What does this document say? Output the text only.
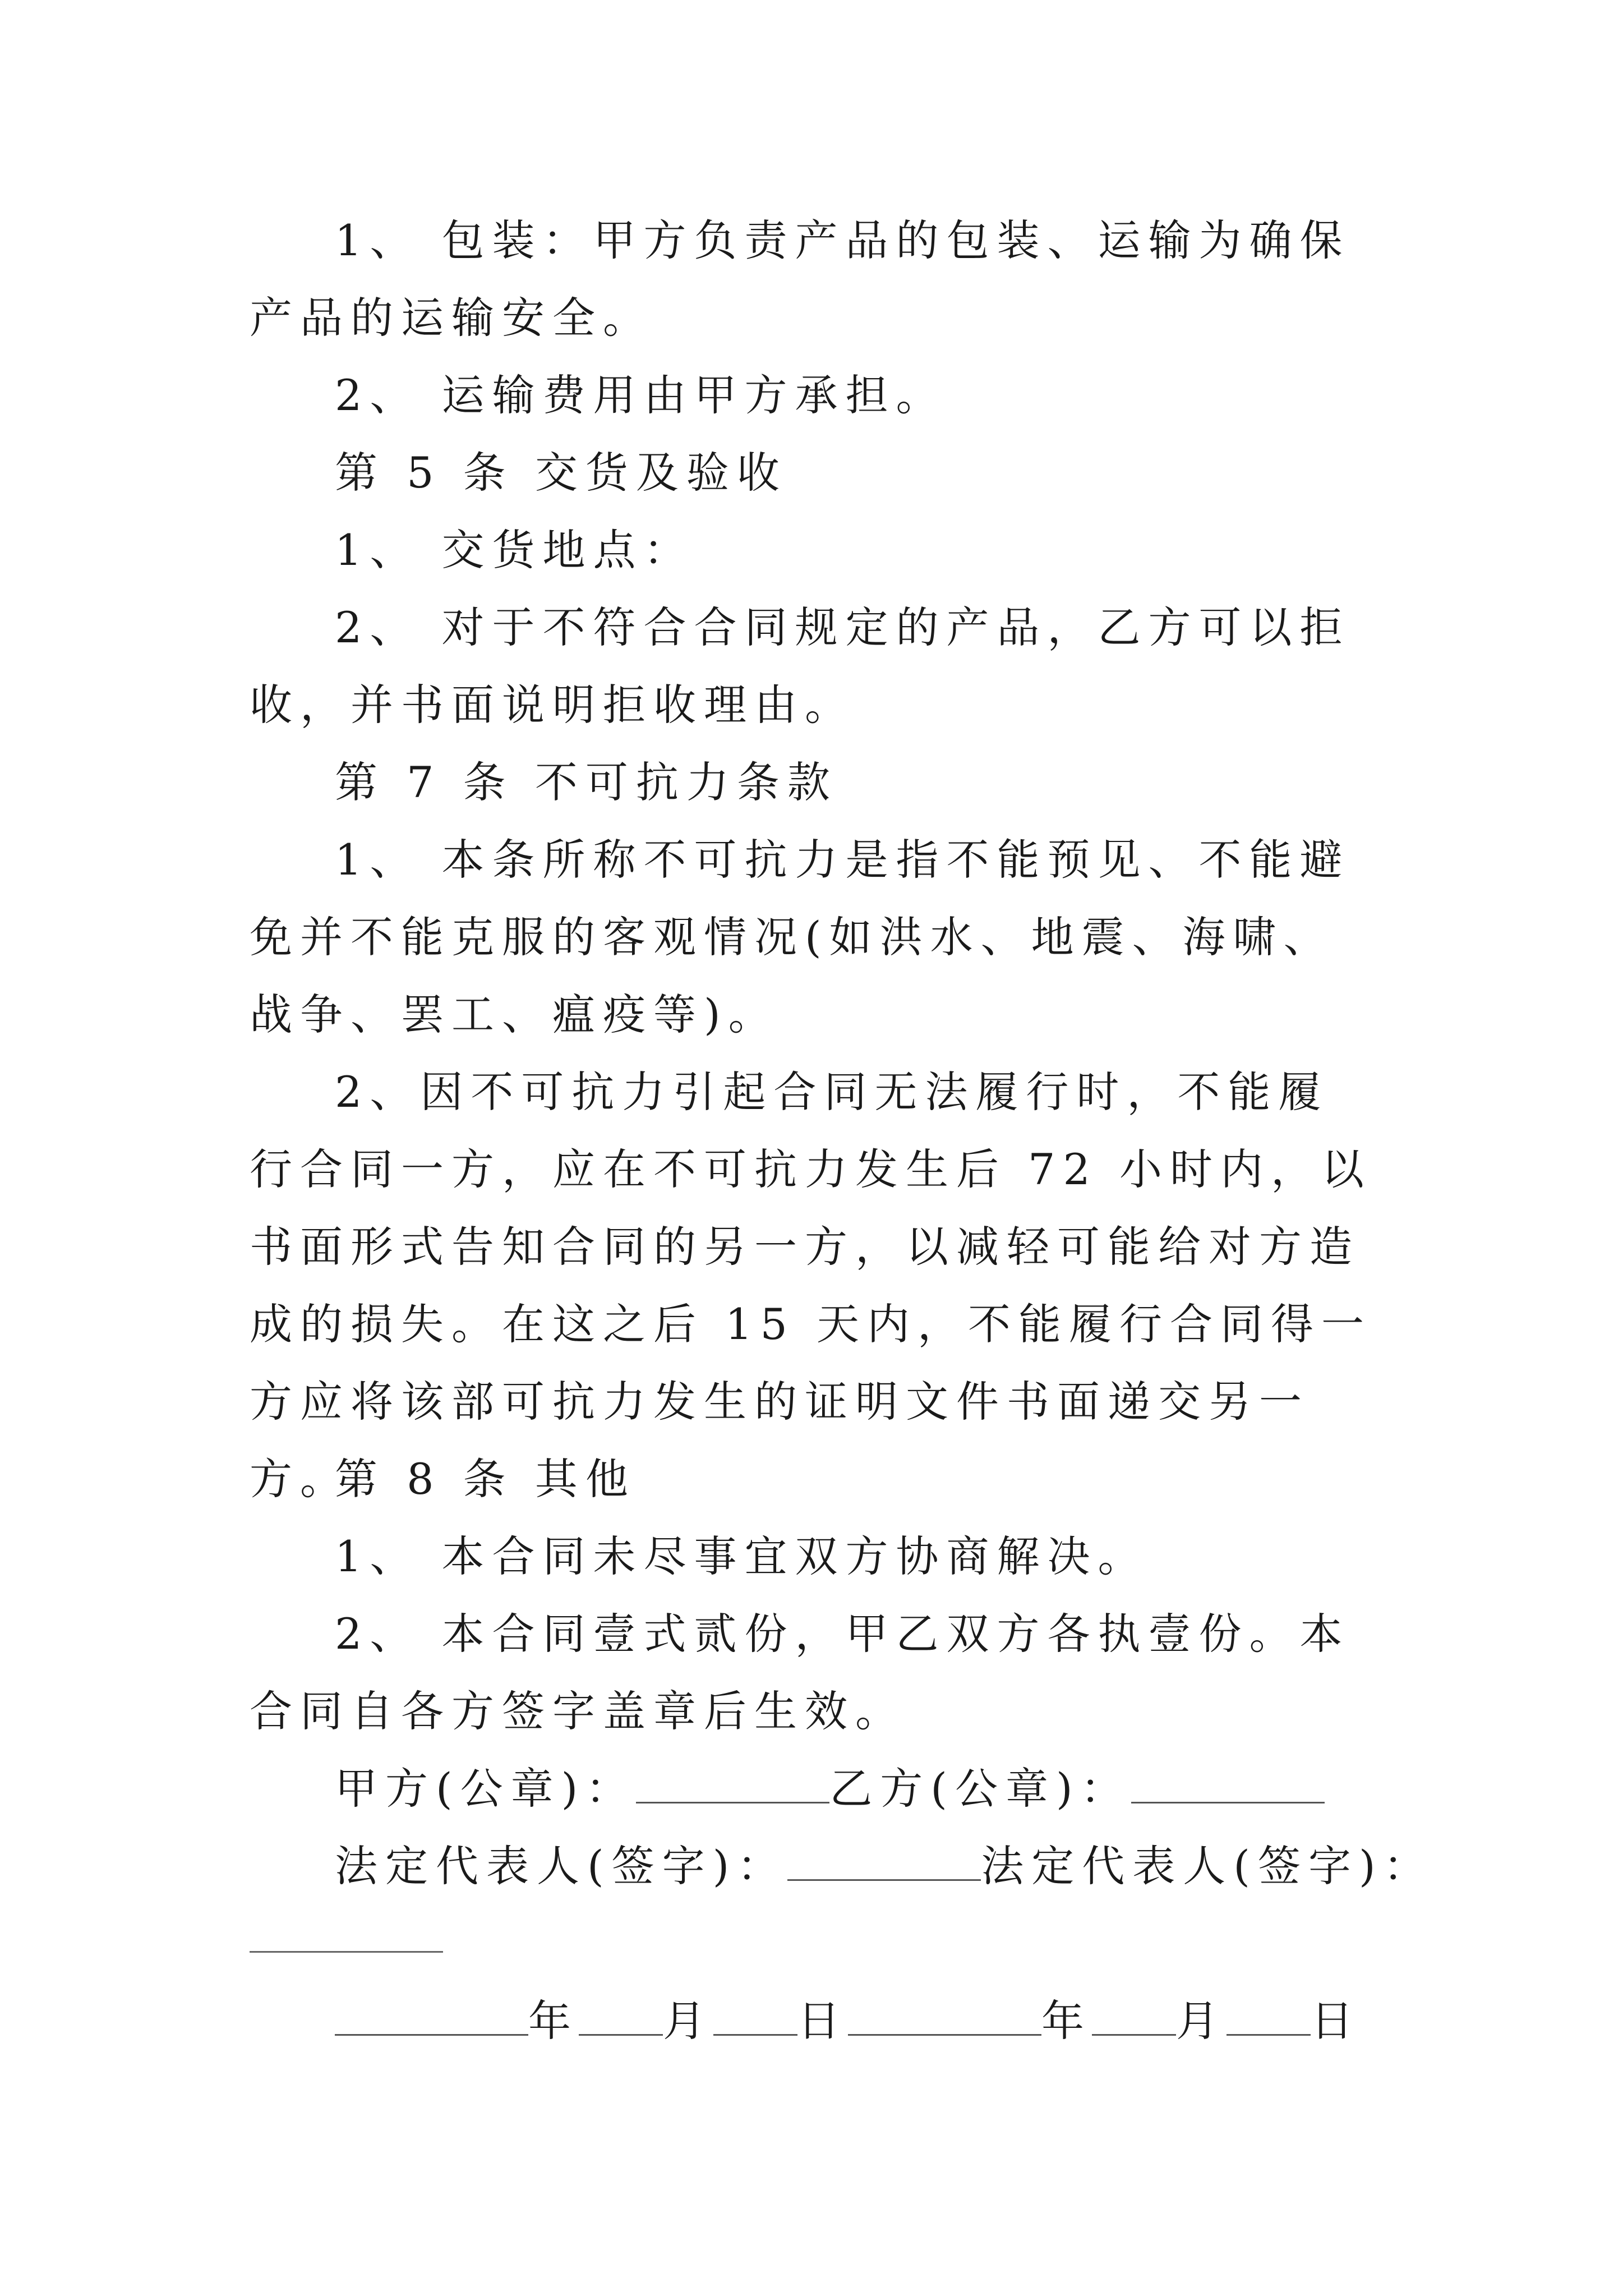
1、 包装：甲方负责产品的包装、运输为确保产品的运输安全。
2、 运输费用由甲方承担。
第 5 条 交货及验收
1、 交货地点：
2、 对于不符合合同规定的产品，乙方可以拒收，并书面说明拒收理由。
第 7 条 不可抗力条款
1、 本条所称不可抗力是指不能预见、不能避免并不能克服的客观情况(如洪水、地震、海啸、战争、罢工、瘟疫等)。
2、因不可抗力引起合同无法履行时，不能履行合同一方，应在不可抗力发生后 72 小时内，以书面形式告知合同的另一方，以减轻可能给对方造成的损失。在这之后 15 天内，不能履行合同得一方应将该部可抗力发生的证明文件书面递交另一方。
第 8 条 其他
1、 本合同未尽事宜双方协商解决。
2、 本合同壹式贰份，甲乙双方各执壹份。本合同自各方签字盖章后生效。
甲方(公章)：	乙方(公章)：
法定代表人(签字)：	法定代表人(签字)：
年 月 日	年 月 日
